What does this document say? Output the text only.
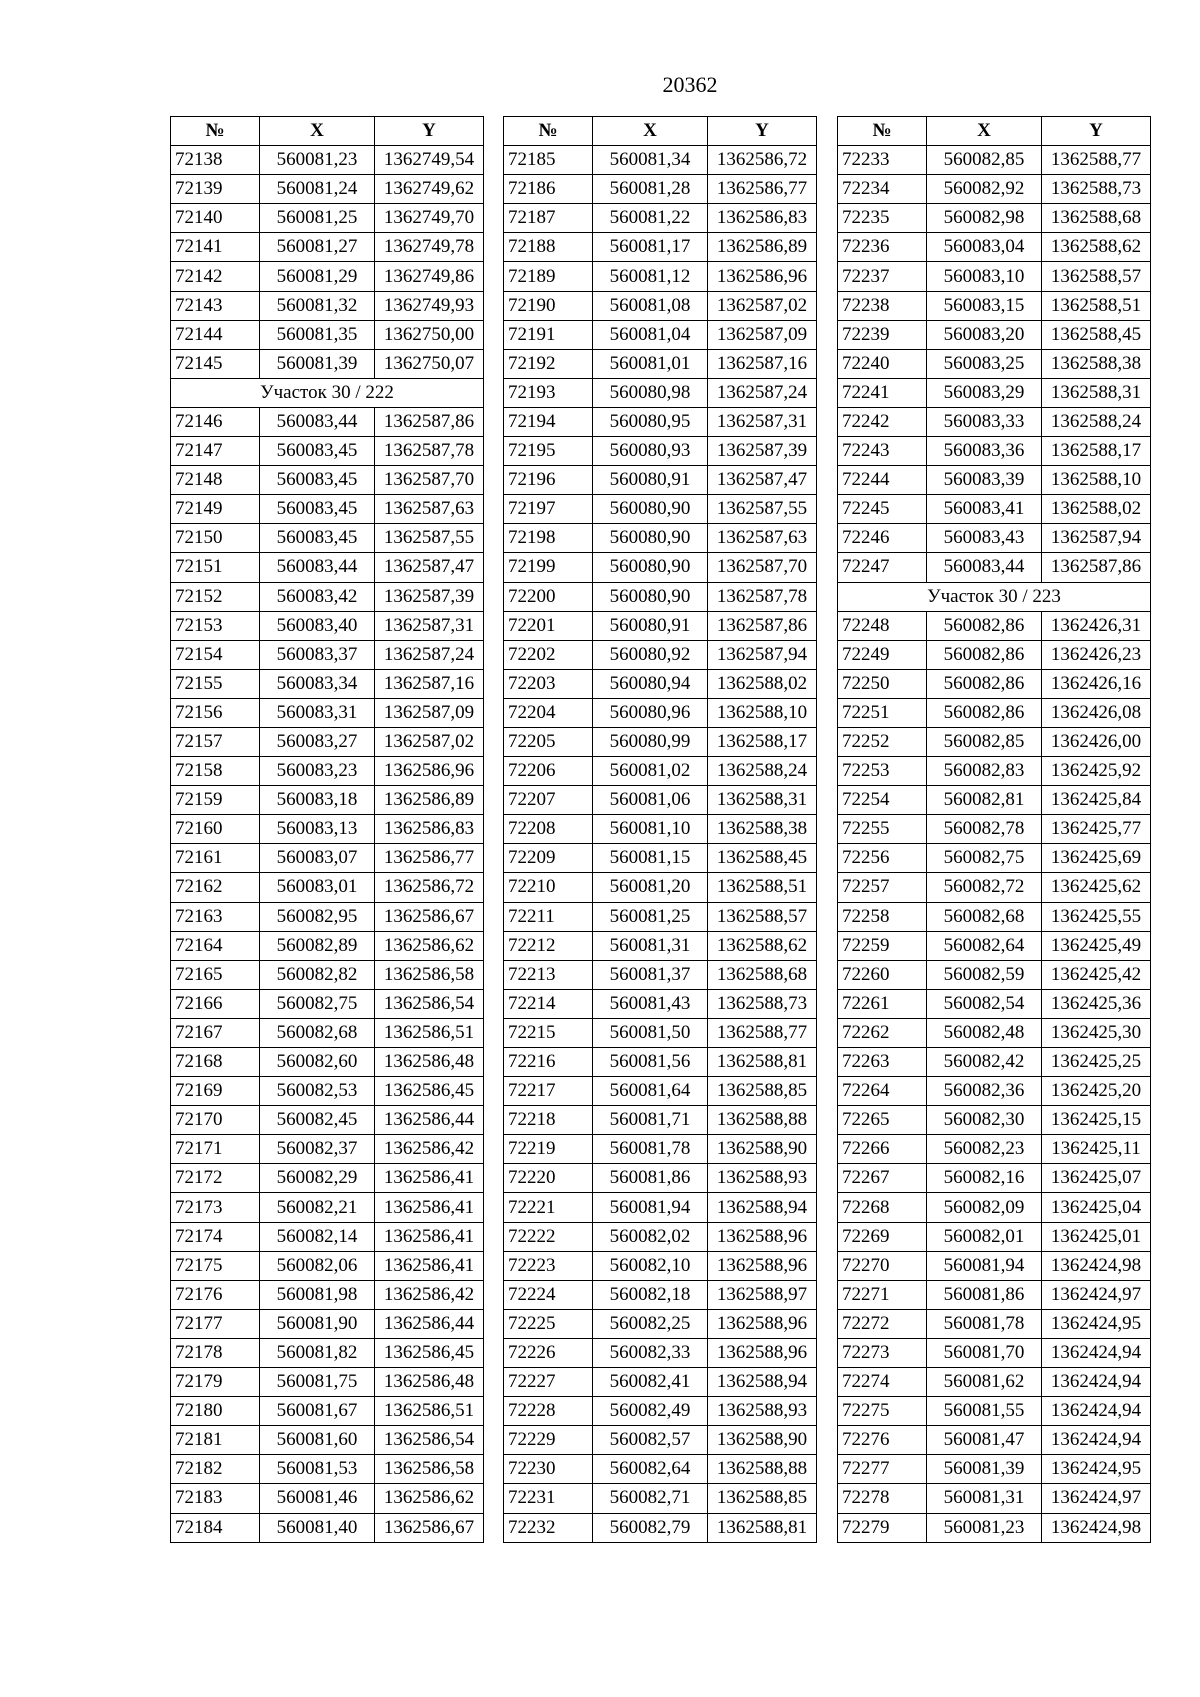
20362
№	X	Y
72138	560081,23	1362749,54
72139	560081,24	1362749,62
72140	560081,25	1362749,70
72141	560081,27	1362749,78
72142	560081,29	1362749,86
72143	560081,32	1362749,93
72144	560081,35	1362750,00
72145	560081,39	1362750,07
Участок 30 / 222		
72146	560083,44	1362587,86
72147	560083,45	1362587,78
72148	560083,45	1362587,70
72149	560083,45	1362587,63
72150	560083,45	1362587,55
72151	560083,44	1362587,47
72152	560083,42	1362587,39
72153	560083,40	1362587,31
72154	560083,37	1362587,24
72155	560083,34	1362587,16
72156	560083,31	1362587,09
72157	560083,27	1362587,02
72158	560083,23	1362586,96
72159	560083,18	1362586,89
72160	560083,13	1362586,83
72161	560083,07	1362586,77
72162	560083,01	1362586,72
72163	560082,95	1362586,67
72164	560082,89	1362586,62
72165	560082,82	1362586,58
72166	560082,75	1362586,54
72167	560082,68	1362586,51
72168	560082,60	1362586,48
72169	560082,53	1362586,45
72170	560082,45	1362586,44
72171	560082,37	1362586,42
72172	560082,29	1362586,41
72173	560082,21	1362586,41
72174	560082,14	1362586,41
72175	560082,06	1362586,41
72176	560081,98	1362586,42
72177	560081,90	1362586,44
72178	560081,82	1362586,45
72179	560081,75	1362586,48
72180	560081,67	1362586,51
72181	560081,60	1362586,54
72182	560081,53	1362586,58
72183	560081,46	1362586,62
72184	560081,40	1362586,67
№	X	Y
72185	560081,34	1362586,72
72186	560081,28	1362586,77
72187	560081,22	1362586,83
72188	560081,17	1362586,89
72189	560081,12	1362586,96
72190	560081,08	1362587,02
72191	560081,04	1362587,09
72192	560081,01	1362587,16
72193	560080,98	1362587,24
72194	560080,95	1362587,31
72195	560080,93	1362587,39
72196	560080,91	1362587,47
72197	560080,90	1362587,55
72198	560080,90	1362587,63
72199	560080,90	1362587,70
72200	560080,90	1362587,78
72201	560080,91	1362587,86
72202	560080,92	1362587,94
72203	560080,94	1362588,02
72204	560080,96	1362588,10
72205	560080,99	1362588,17
72206	560081,02	1362588,24
72207	560081,06	1362588,31
72208	560081,10	1362588,38
72209	560081,15	1362588,45
72210	560081,20	1362588,51
72211	560081,25	1362588,57
72212	560081,31	1362588,62
72213	560081,37	1362588,68
72214	560081,43	1362588,73
72215	560081,50	1362588,77
72216	560081,56	1362588,81
72217	560081,64	1362588,85
72218	560081,71	1362588,88
72219	560081,78	1362588,90
72220	560081,86	1362588,93
72221	560081,94	1362588,94
72222	560082,02	1362588,96
72223	560082,10	1362588,96
72224	560082,18	1362588,97
72225	560082,25	1362588,96
72226	560082,33	1362588,96
72227	560082,41	1362588,94
72228	560082,49	1362588,93
72229	560082,57	1362588,90
72230	560082,64	1362588,88
72231	560082,71	1362588,85
72232	560082,79	1362588,81
№	X	Y
72233	560082,85	1362588,77
72234	560082,92	1362588,73
72235	560082,98	1362588,68
72236	560083,04	1362588,62
72237	560083,10	1362588,57
72238	560083,15	1362588,51
72239	560083,20	1362588,45
72240	560083,25	1362588,38
72241	560083,29	1362588,31
72242	560083,33	1362588,24
72243	560083,36	1362588,17
72244	560083,39	1362588,10
72245	560083,41	1362588,02
72246	560083,43	1362587,94
72247	560083,44	1362587,86
Участок 30 / 223		
72248	560082,86	1362426,31
72249	560082,86	1362426,23
72250	560082,86	1362426,16
72251	560082,86	1362426,08
72252	560082,85	1362426,00
72253	560082,83	1362425,92
72254	560082,81	1362425,84
72255	560082,78	1362425,77
72256	560082,75	1362425,69
72257	560082,72	1362425,62
72258	560082,68	1362425,55
72259	560082,64	1362425,49
72260	560082,59	1362425,42
72261	560082,54	1362425,36
72262	560082,48	1362425,30
72263	560082,42	1362425,25
72264	560082,36	1362425,20
72265	560082,30	1362425,15
72266	560082,23	1362425,11
72267	560082,16	1362425,07
72268	560082,09	1362425,04
72269	560082,01	1362425,01
72270	560081,94	1362424,98
72271	560081,86	1362424,97
72272	560081,78	1362424,95
72273	560081,70	1362424,94
72274	560081,62	1362424,94
72275	560081,55	1362424,94
72276	560081,47	1362424,94
72277	560081,39	1362424,95
72278	560081,31	1362424,97
72279	560081,23	1362424,98
